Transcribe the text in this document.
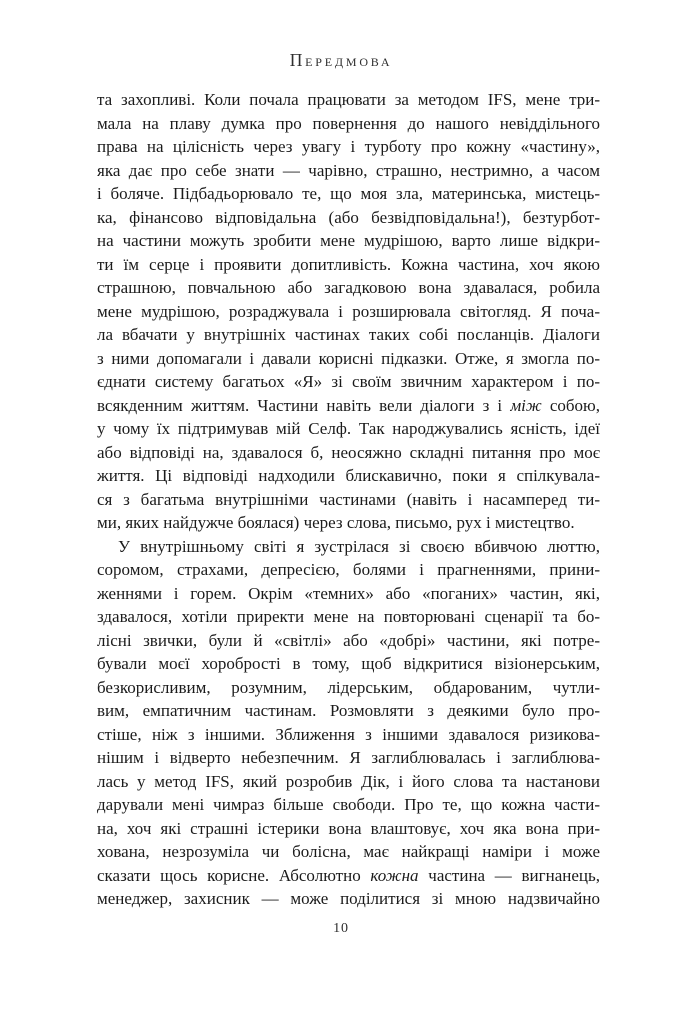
Передмова
та захопливі. Коли почала працювати за методом IFS, мене три-
мала на плаву думка про повернення до нашого невіддільного
права на цілісність через увагу і турботу про кожну «частину»,
яка дає про себе знати — чарівно, страшно, нестримно, а часом
і боляче. Підбадьорювало те, що моя зла, материнська, мистець-
ка, фінансово відповідальна (або безвідповідальна!), безтурбот-
на частини можуть зробити мене мудрішою, варто лише відкри-
ти їм серце і проявити допитливість. Кожна частина, хоч якою
страшною, повчальною або загадковою вона здавалася, робила
мене мудрішою, розраджувала і розширювала світогляд. Я поча-
ла вбачати у внутрішніх частинах таких собі посланців. Діалоги
з ними допомагали і давали корисні підказки. Отже, я змогла по-
єднати систему багатьох «Я» зі своїм звичним характером і по-
всякденним життям. Частини навіть вели діалоги з і між собою,
у чому їх підтримував мій Селф. Так народжувались ясність, ідеї
або відповіді на, здавалося б, неосяжно складні питання про моє
життя. Ці відповіді надходили блискавично, поки я спілкувала-
ся з багатьма внутрішніми частинами (навіть і насамперед ти-
ми, яких найдужче боялася) через слова, письмо, рух і мистецтво.
У внутрішньому світі я зустрілася зі своєю вбивчою люттю,
соромом, страхами, депресією, болями і прагненнями, прини-
женнями і горем. Окрім «темних» або «поганих» частин, які,
здавалося, хотіли приректи мене на повторювані сценарії та бо-
лісні звички, були й «світлі» або «добрі» частини, які потре-
бували моєї хоробрості в тому, щоб відкритися візіонерським,
безкорисливим, розумним, лідерським, обдарованим, чутли-
вим, емпатичним частинам. Розмовляти з деякими було про-
стіше, ніж з іншими. Зближення з іншими здавалося ризикова-
нішим і відверто небезпечним. Я заглиблювалась і заглиблюва-
лась у метод IFS, який розробив Дік, і його слова та настанови
дарували мені чимраз більше свободи. Про те, що кожна части-
на, хоч які страшні істерики вона влаштовує, хоч яка вона при-
хована, незрозуміла чи болісна, має найкращі наміри і може
сказати щось корисне. Абсолютно кожна частина — вигнанець,
менеджер, захисник — може поділитися зі мною надзвичайно
10
